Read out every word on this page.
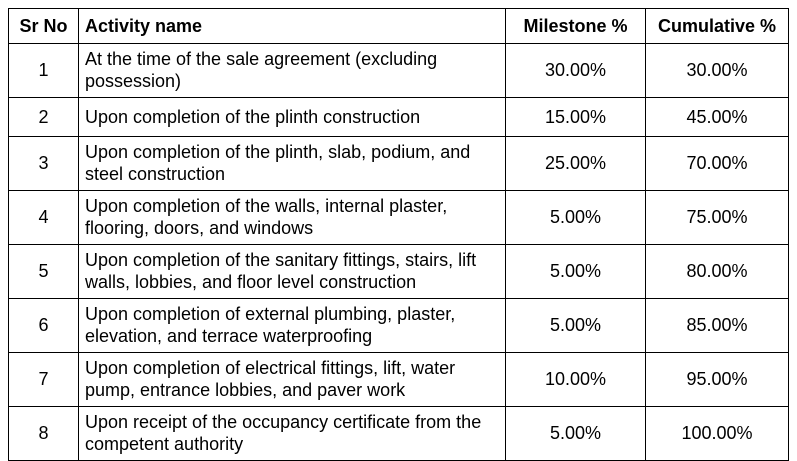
Sr No	Activity name	Milestone %	Cumulative %
1	At the time of the sale agreement (excluding possession)	30.00%	30.00%
2	Upon completion of the plinth construction	15.00%	45.00%
3	Upon completion of the plinth, slab, podium, and steel construction	25.00%	70.00%
4	Upon completion of the walls, internal plaster, flooring, doors, and windows	5.00%	75.00%
5	Upon completion of the sanitary fittings, stairs, lift walls, lobbies, and floor level construction	5.00%	80.00%
6	Upon completion of external plumbing, plaster, elevation, and terrace waterproofing	5.00%	85.00%
7	Upon completion of electrical fittings, lift, water pump, entrance lobbies, and paver work	10.00%	95.00%
8	Upon receipt of the occupancy certificate from the competent authority	5.00%	100.00%
